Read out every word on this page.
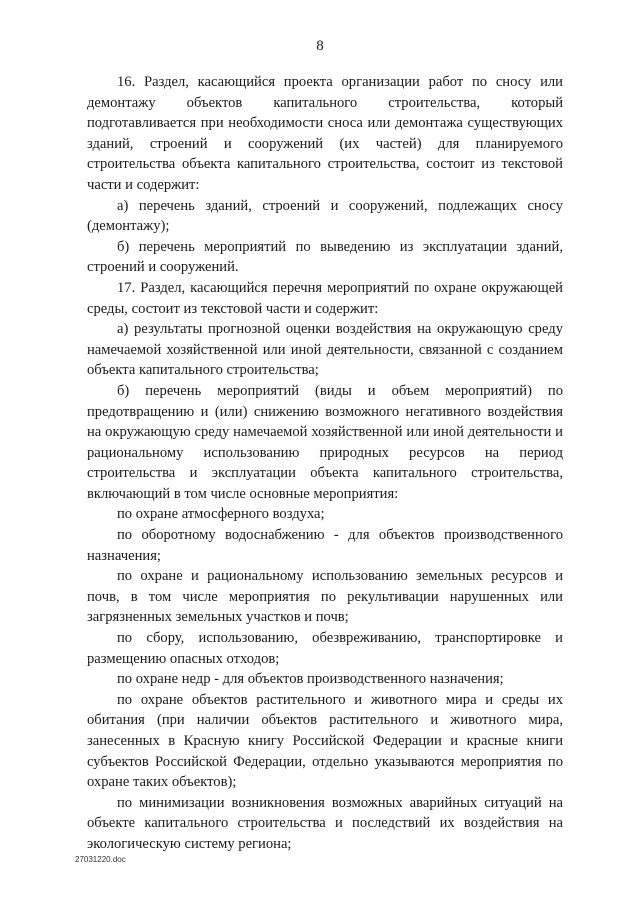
8

16. Раздел, касающийся проекта организации работ по сносу или демонтажу объектов капитального строительства, который подготавливается при необходимости сноса или демонтажа существующих зданий, строений и сооружений (их частей) для планируемого строительства объекта капитального строительства, состоит из текстовой части и содержит:

а) перечень зданий, строений и сооружений, подлежащих сносу (демонтажу);

б) перечень мероприятий по выведению из эксплуатации зданий, строений и сооружений.

17. Раздел, касающийся перечня мероприятий по охране окружающей среды, состоит из текстовой части и содержит:

а) результаты прогнозной оценки воздействия на окружающую среду намечаемой хозяйственной или иной деятельности, связанной с созданием объекта капитального строительства;

б) перечень мероприятий (виды и объем мероприятий) по предотвращению и (или) снижению возможного негативного воздействия на окружающую среду намечаемой хозяйственной или иной деятельности и рациональному использованию природных ресурсов на период строительства и эксплуатации объекта капитального строительства, включающий в том числе основные мероприятия:

по охране атмосферного воздуха;

по оборотному водоснабжению - для объектов производственного назначения;

по охране и рациональному использованию земельных ресурсов и почв, в том числе мероприятия по рекультивации нарушенных или загрязненных земельных участков и почв;

по сбору, использованию, обезвреживанию, транспортировке и размещению опасных отходов;

по охране недр - для объектов производственного назначения;

по охране объектов растительного и животного мира и среды их обитания (при наличии объектов растительного и животного мира, занесенных в Красную книгу Российской Федерации и красные книги субъектов Российской Федерации, отдельно указываются мероприятия по охране таких объектов);

по минимизации возникновения возможных аварийных ситуаций на объекте капитального строительства и последствий их воздействия на экологическую систему региона;

27031220.doc
